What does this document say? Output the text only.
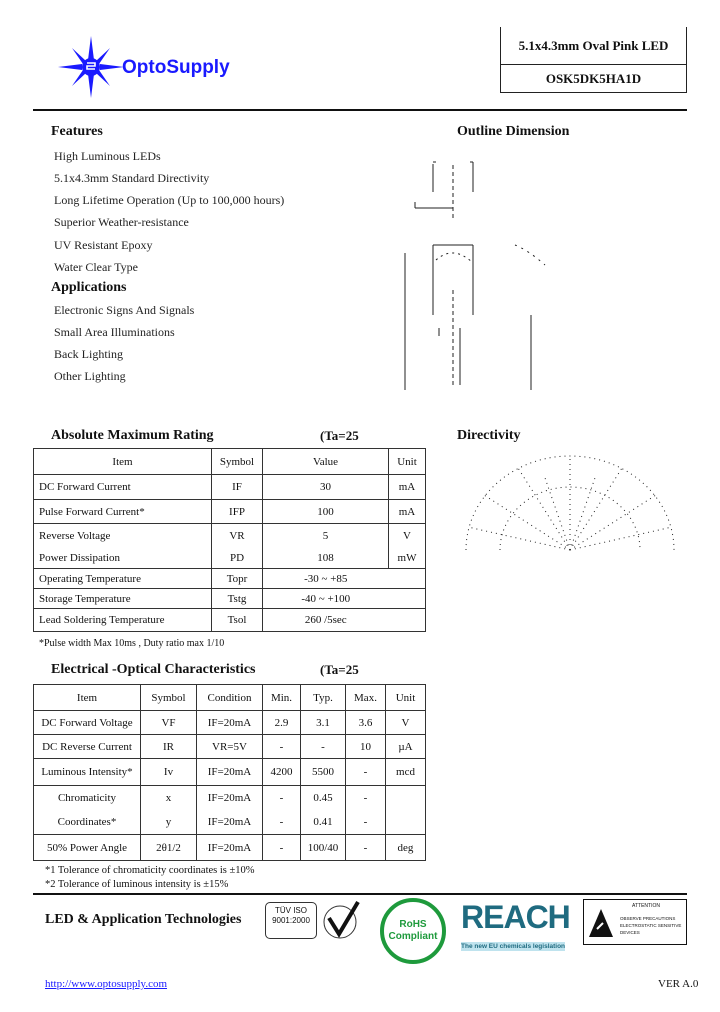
OptoSupply
5.1x4.3mm Oval Pink LED
OSK5DK5HA1D
Features
High Luminous LEDs
5.1x4.3mm Standard Directivity
Long Lifetime Operation (Up to 100,000 hours)
Superior Weather-resistance
UV Resistant Epoxy
Water Clear Type
Applications
Electronic Signs And Signals
Small Area Illuminations
Back Lighting
Other Lighting
Outline Dimension
Directivity
Absolute Maximum Rating	(Ta=25
Item	Symbol	Value	Unit
DC Forward Current	IF	30	mA
Pulse Forward Current*	IFP	100	mA
Reverse Voltage	VR	5	V
Power Dissipation	PD	108	mW
Operating Temperature	Topr	-30 ~ +85	
Storage Temperature	Tstg	-40 ~ +100	
Lead Soldering Temperature	Tsol	260 /5sec	
*Pulse width Max 10ms , Duty ratio max 1/10
Electrical -Optical Characteristics	(Ta=25
Item	Symbol	Condition	Min.	Typ.	Max.	Unit
DC Forward Voltage	VF	IF=20mA	2.9	3.1	3.6	V
DC Reverse Current	IR	VR=5V	-	-	10	µA
Luminous Intensity*	Iv	IF=20mA	4200	5500	-	mcd
Chromaticity	x	IF=20mA	-	0.45	-	
Coordinates*	y	IF=20mA	-	0.41	-	
50% Power Angle	2θ1/2	IF=20mA	-	100/40	-	deg
*1 Tolerance of chromaticity coordinates is ±10%
*2 Tolerance of luminous intensity is ±15%
LED & Application Technologies
TÜV ISO 9001:2000	RoHS Compliant
REACH
The new EU chemicals legislation
ATTENTION
OBSERVE PRECAUTIONS ELECTROSTATIC SENSITIVE DEVICES
http://www.optosupply.com	VER A.0
